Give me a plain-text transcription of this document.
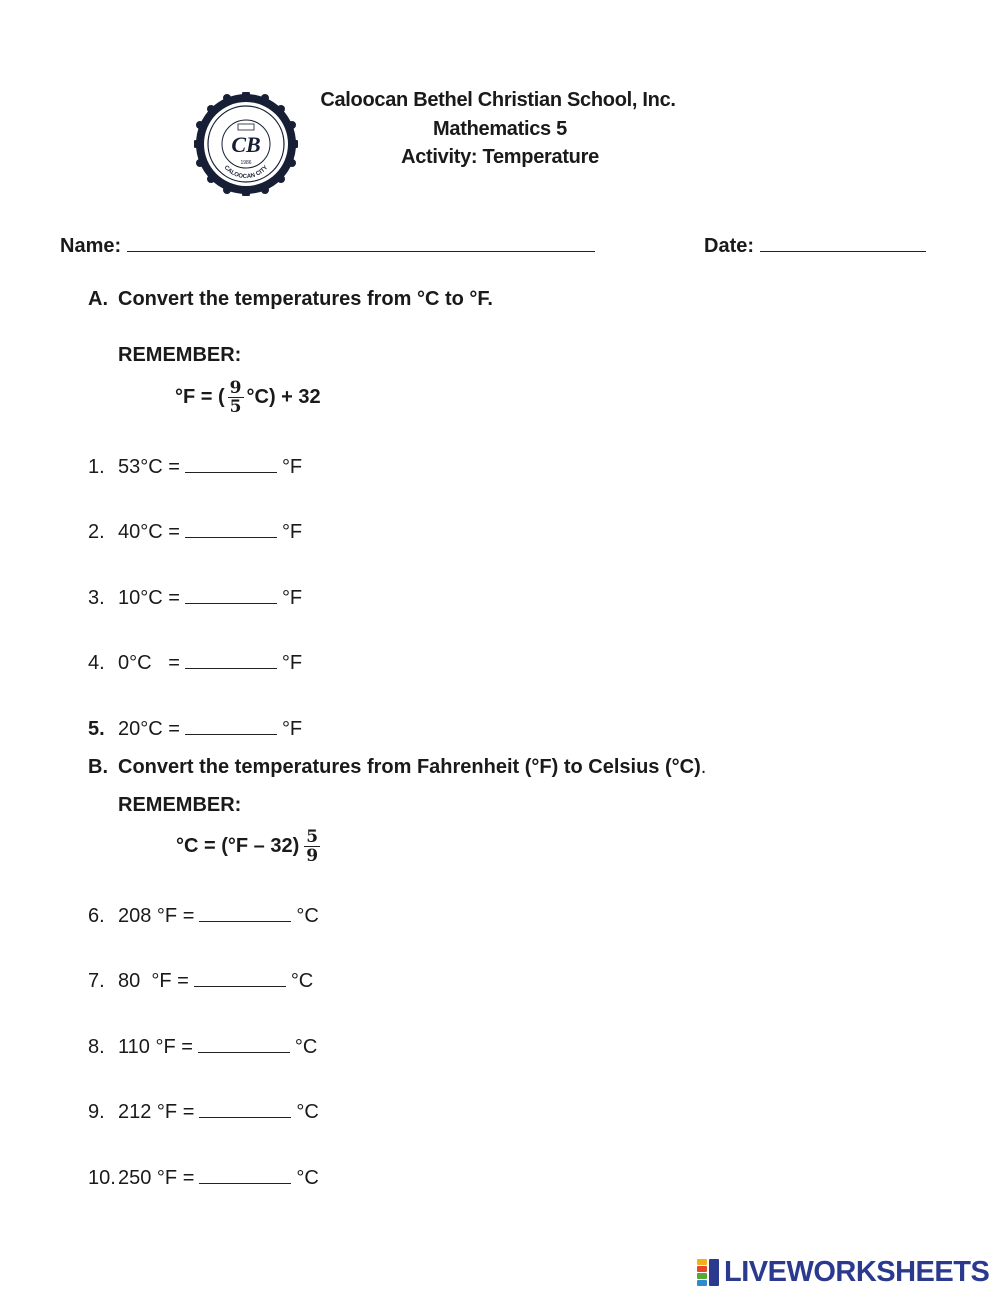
CALOOCAN CITY
CB
1986
Caloocan Bethel Christian School, Inc.
Mathematics 5
Activity: Temperature
Name:	Date:
A. Convert the temperatures from °C to °F.
REMEMBER:
°F = ( $\frac{9}{5} ^\circ C) + 32$
1. 53°C =	°F
2. 40°C =	°F
3. 10°C =	°F
4. 0°C   =	°F
5. 20°C =	°F
B. Convert the temperatures from Fahrenheit (°F) to Celsius (°C) .
REMEMBER:
$^\circ C = (^\circ F - 32) \frac{5}{9}$
6. 208 °F =	°C
7. 80  °F =	°C
8. 110 °F =	°C
9. 212 °F =	°C
10. 250 °F =	°C
LIVEWORKSHEETS
